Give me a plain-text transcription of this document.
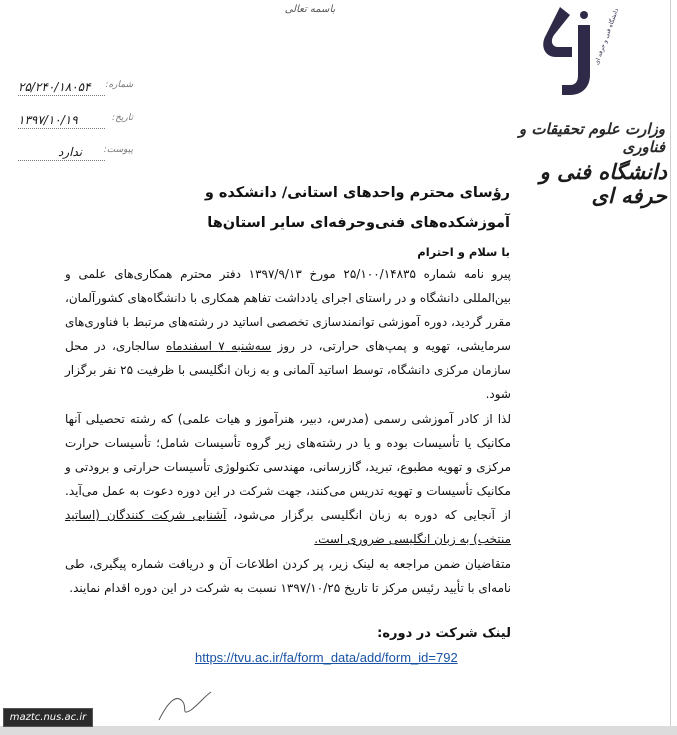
باسمه تعالی	دانشگاه فنی و حرفه ای
وزارت علوم تحقیقات و فناوری
دانشگاه فنی و حرفه ای
۲۵/۲۴۰/۱۸۰۵۴ شماره:
۱۳۹۷/۱۰/۱۹	تاریخ:
ندارد پیوست:
رؤسای محترم واحدهای استانی/ دانشکده و آموزشکده‌های فنی‌وحرفه‌ای سایر استان‌ها
با سلام و احترام
پیرو نامه شماره ۲۵/۱۰۰/۱۴۸۳۵ مورخ ۱۳۹۷/۹/۱۳ دفتر محترم همکاری‌های علمی و بین‌المللی دانشگاه و در راستای اجرای یادداشت تفاهم همکاری با دانشگاه‌های کشورآلمان، مقرر گردید، دوره آموزشی توانمندسازی تخصصی اساتید در رشته‌های مرتبط با فناوری‌های سرمایشی، تهویه و پمپ‌های حرارتی، در روز سه‌شنبه ۷ اسفندماه سالجاری، در محل سازمان مرکزی دانشگاه، توسط اساتید آلمانی و به زبان انگلیسی با ظرفیت ۲۵ نفر برگزار شود.
لذا از کادر آموزشی رسمی (مدرس، دبیر، هنرآموز و هیات علمی) که رشته تحصیلی آنها مکانیک یا تأسیسات بوده و یا در رشته‌های زیر گروه تأسیسات شامل؛ تأسیسات حرارت مرکزی و تهویه مطبوع، تبرید، گازرسانی، مهندسی تکنولوژی تأسیسات حرارتی و برودتی و مکانیک تأسیسات و تهویه تدریس می‌کنند، جهت شرکت در این دوره دعوت به عمل می‌آید. از آنجایی که دوره به زبان انگلیسی برگزار می‌شود، آشنایی شرکت کنندگان (اساتید منتخب) به زبان انگلیسی ضروری است.
متقاضیان ضمن مراجعه به لینک زیر، پر کردن اطلاعات آن و دریافت شماره پیگیری، طی نامه‌ای با تأیید رئیس مرکز تا تاریخ ۱۳۹۷/۱۰/۲۵ نسبت به شرکت در این دوره اقدام نمایند.
لینک شرکت در دوره:
https://tvu.ac.ir/fa/form_data/add/form_id=792
maztc.nus.ac.ir
